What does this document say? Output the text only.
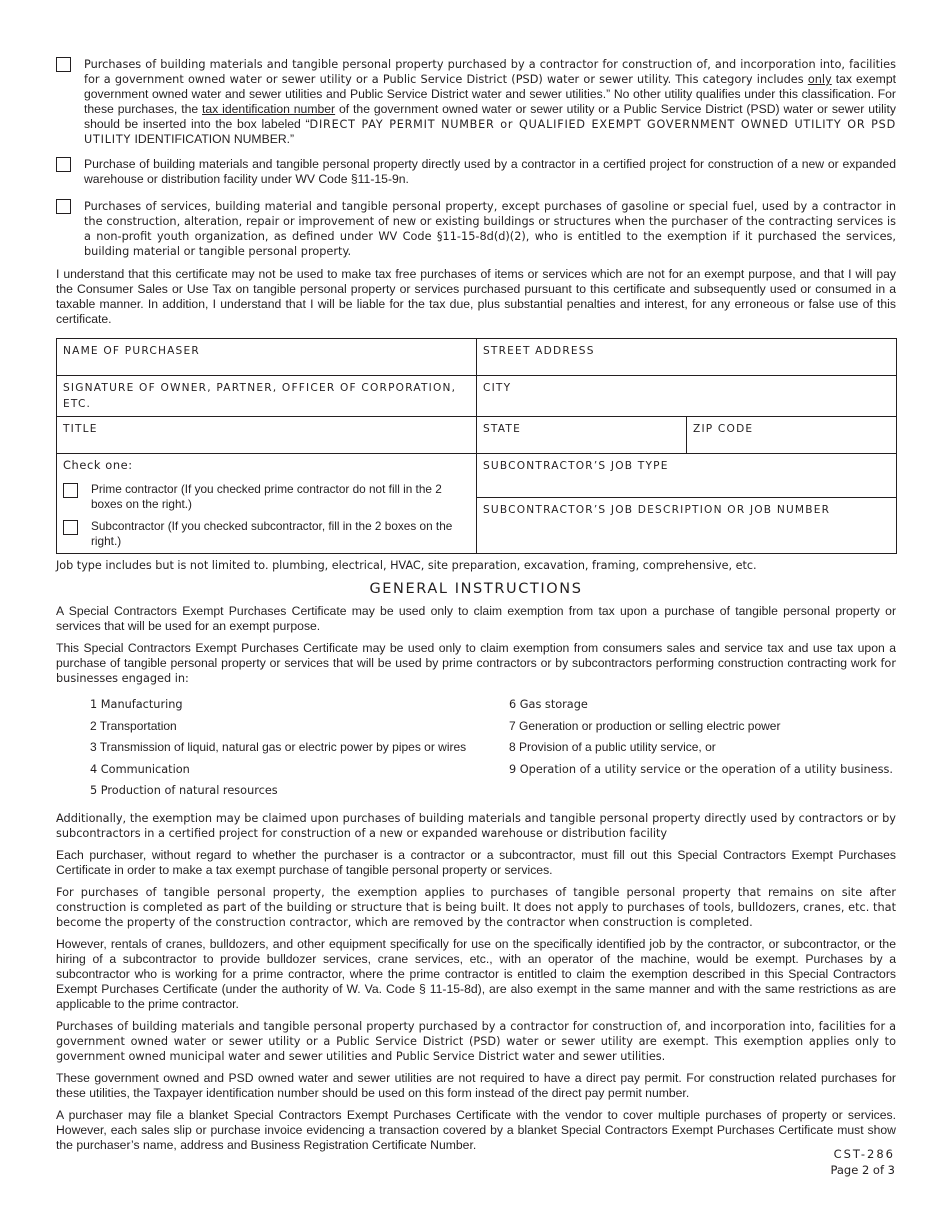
Purchases of building materials and tangible personal property purchased by a contractor for construction of, and incorporation into, facilities for a government owned water or sewer utility or a Public Service District (PSD) water or sewer utility. This category includes only tax exempt government owned water and sewer utilities and Public Service District water and sewer utilities.” No other utility qualifies under this classification. For these purchases, the tax identification number of the government owned water or sewer utility or a Public Service District (PSD) water or sewer utility should be inserted into the box labeled “DIRECT PAY PERMIT NUMBER or QUALIFIED EXEMPT GOVERNMENT OWNED UTILITY OR PSD UTILITY IDENTIFICATION NUMBER.”
Purchase of building materials and tangible personal property directly used by a contractor in a certified project for construction of a new or expanded warehouse or distribution facility under WV Code §11-15-9n.
Purchases of services, building material and tangible personal property, except purchases of gasoline or special fuel, used by a contractor in the construction, alteration, repair or improvement of new or existing buildings or structures when the purchaser of the contracting services is a non-profit youth organization, as defined under WV Code §11-15-8d(d)(2), who is entitled to the exemption if it purchased the services, building material or tangible personal property.

I understand that this certificate may not be used to make tax free purchases of items or services which are not for an exempt purpose, and that I will pay the Consumer Sales or Use Tax on tangible personal property or services purchased pursuant to this certificate and subsequently used or consumed in a taxable manner. In addition, I understand that I will be liable for the tax due, plus substantial penalties and interest, for any erroneous or false use of this certificate.

NAME OF PURCHASER	STREET ADDRESS	
SIGNATURE OF OWNER, PARTNER, OFFICER OF CORPORATION, ETC.	CITY	
TITLE	STATE	ZIP CODE

Check one:
Prime contractor (If you checked prime contractor do not fill in the 2 boxes on the right.)
Subcontractor (If you checked subcontractor, fill in the 2 boxes on the right.)	SUBCONTRACTOR’S JOB TYPE	
	SUBCONTRACTOR’S JOB DESCRIPTION OR JOB NUMBER	
Job type includes but is not limited to. plumbing, electrical, HVAC, site preparation, excavation, framing, comprehensive, etc.
GENERAL INSTRUCTIONS

A Special Contractors Exempt Purchases Certificate may be used only to claim exemption from tax upon a purchase of tangible personal property or services that will be used for an exempt purpose.

This Special Contractors Exempt Purchases Certificate may be used only to claim exemption from consumers sales and service tax and use tax upon a purchase of tangible personal property or services that will be used by prime contractors or by subcontractors performing construction contracting work for businesses engaged in:

1 Manufacturing
2 Transportation
3 Transmission of liquid, natural gas or electric power by pipes or wires
4 Communication
5 Production of natural resources
6 Gas storage
7 Generation or production or selling electric power
8 Provision of a public utility service, or
9 Operation of a utility service or the operation of a utility business.

Additionally, the exemption may be claimed upon purchases of building materials and tangible personal property directly used by contractors or by subcontractors in a certified project for construction of a new or expanded warehouse or distribution facility

Each purchaser, without regard to whether the purchaser is a contractor or a subcontractor, must fill out this Special Contractors Exempt Purchases Certificate in order to make a tax exempt purchase of tangible personal property or services.

For purchases of tangible personal property, the exemption applies to purchases of tangible personal property that remains on site after construction is completed as part of the building or structure that is being built. It does not apply to purchases of tools, bulldozers, cranes, etc. that become the property of the construction contractor, which are removed by the contractor when construction is completed.

However, rentals of cranes, bulldozers, and other equipment specifically for use on the specifically identified job by the contractor, or subcontractor, or the hiring of a subcontractor to provide bulldozer services, crane services, etc., with an operator of the machine, would be exempt. Purchases by a subcontractor who is working for a prime contractor, where the prime contractor is entitled to claim the exemption described in this Special Contractors Exempt Purchases Certificate (under the authority of W. Va. Code § 11-15-8d), are also exempt in the same manner and with the same restrictions as are applicable to the prime contractor.

Purchases of building materials and tangible personal property purchased by a contractor for construction of, and incorporation into, facilities for a government owned water or sewer utility or a Public Service District (PSD) water or sewer utility are exempt. This exemption applies only to government owned municipal water and sewer utilities and Public Service District water and sewer utilities.

These government owned and PSD owned water and sewer utilities are not required to have a direct pay permit. For construction related purchases for these utilities, the Taxpayer identification number should be used on this form instead of the direct pay permit number.

A purchaser may file a blanket Special Contractors Exempt Purchases Certificate with the vendor to cover multiple purchases of property or services. However, each sales slip or purchase invoice evidencing a transaction covered by a blanket Special Contractors Exempt Purchases Certificate must show the purchaser’s name, address and Business Registration Certificate Number.

CST-286
Page 2 of 3
